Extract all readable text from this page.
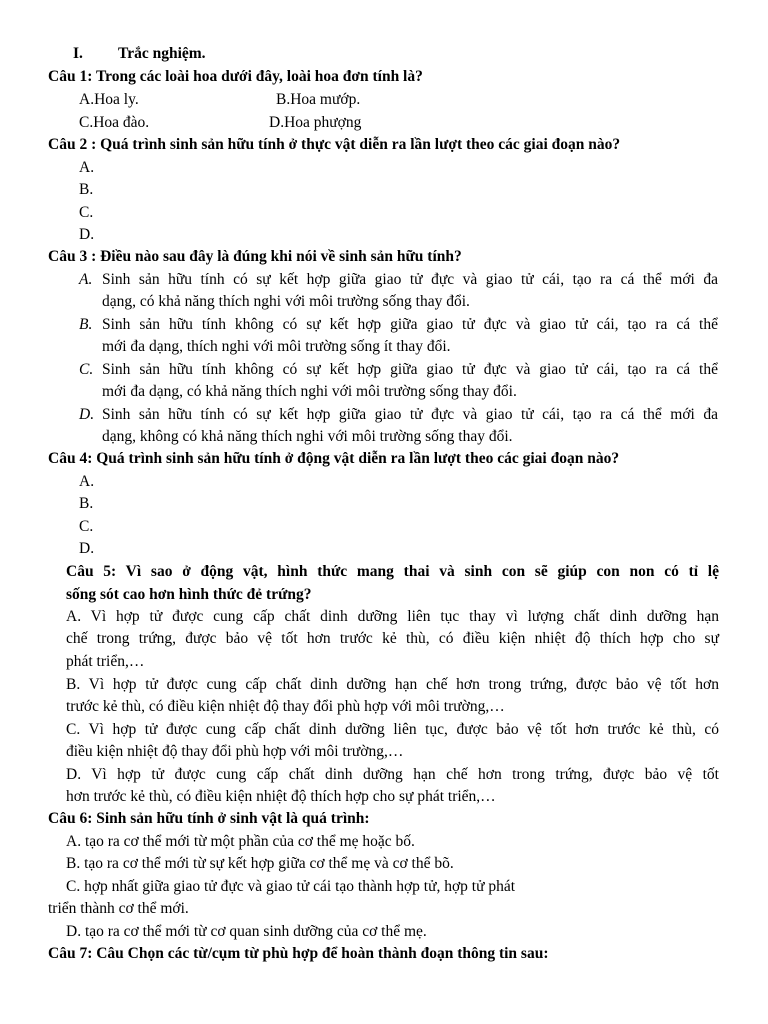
I. Trắc nghiệm.
Câu 1: Trong các loài hoa dưới đây, loài hoa đơn tính là?
A.Hoa ly.	B.Hoa mướp.
C.Hoa đào.	D.Hoa phượng
Câu 2 : Quá trình sinh sản hữu tính ở thực vật diễn ra lần lượt theo các giai đoạn nào?
A.
B.
C.
D.
Câu 3 : Điều nào sau đây là đúng khi nói về sinh sản hữu tính?
A. Sinh sản hữu tính có sự kết hợp giữa giao tử đực và giao tử cái, tạo ra cá thể mới đa
dạng, có khả năng thích nghi với môi trường sống thay đổi.
B. Sinh sản hữu tính không có sự kết hợp giữa giao tử đực và giao tử cái, tạo ra cá thể
mới đa dạng, thích nghi với môi trường sống ít thay đổi.
C. Sinh sản hữu tính không có sự kết hợp giữa giao tử đực và giao tử cái, tạo ra cá thể
mới đa dạng, có khả năng thích nghi với môi trường sống thay đổi.
D. Sinh sản hữu tính có sự kết hợp giữa giao tử đực và giao tử cái, tạo ra cá thể mới đa
dạng, không có khả năng thích nghi với môi trường sống thay đổi.
Câu 4: Quá trình sinh sản hữu tính ở động vật diễn ra lần lượt theo các giai đoạn nào?
A.
B.
C.
D.
Câu 5: Vì sao ở động vật, hình thức mang thai và sinh con sẽ giúp con non có tỉ lệ
sống sót cao hơn hình thức đẻ trứng?
A. Vì hợp tử được cung cấp chất dinh dưỡng liên tục thay vì lượng chất dinh dưỡng hạn
chế trong trứng, được bảo vệ tốt hơn trước kẻ thù, có điều kiện nhiệt độ thích hợp cho sự
phát triển,…
B. Vì hợp tử được cung cấp chất dinh dưỡng hạn chế hơn trong trứng, được bảo vệ tốt hơn
trước kẻ thù, có điều kiện nhiệt độ thay đổi phù hợp với môi trường,…
C. Vì hợp tử được cung cấp chất dinh dưỡng liên tục, được bảo vệ tốt hơn trước kẻ thù, có
điều kiện nhiệt độ thay đổi phù hợp với môi trường,…
D. Vì hợp tử được cung cấp chất dinh dưỡng hạn chế hơn trong trứng, được bảo vệ tốt
hơn trước kẻ thù, có điều kiện nhiệt độ thích hợp cho sự phát triển,…
Câu 6: Sinh sản hữu tính ở sinh vật là quá trình:
A. tạo ra cơ thể mới từ một phần của cơ thể mẹ hoặc bố.
B. tạo ra cơ thể mới từ sự kết hợp giữa cơ thể mẹ và cơ thể bõ.
C. hợp nhất giữa giao tử đực và giao tử cái tạo thành hợp tử, hợp tử phát
triển thành cơ thể mới.
D. tạo ra cơ thể mới từ cơ quan sinh dưỡng của cơ thể mẹ.
Câu 7: Câu Chọn các từ/cụm từ phù hợp để hoàn thành đoạn thông tin sau:
